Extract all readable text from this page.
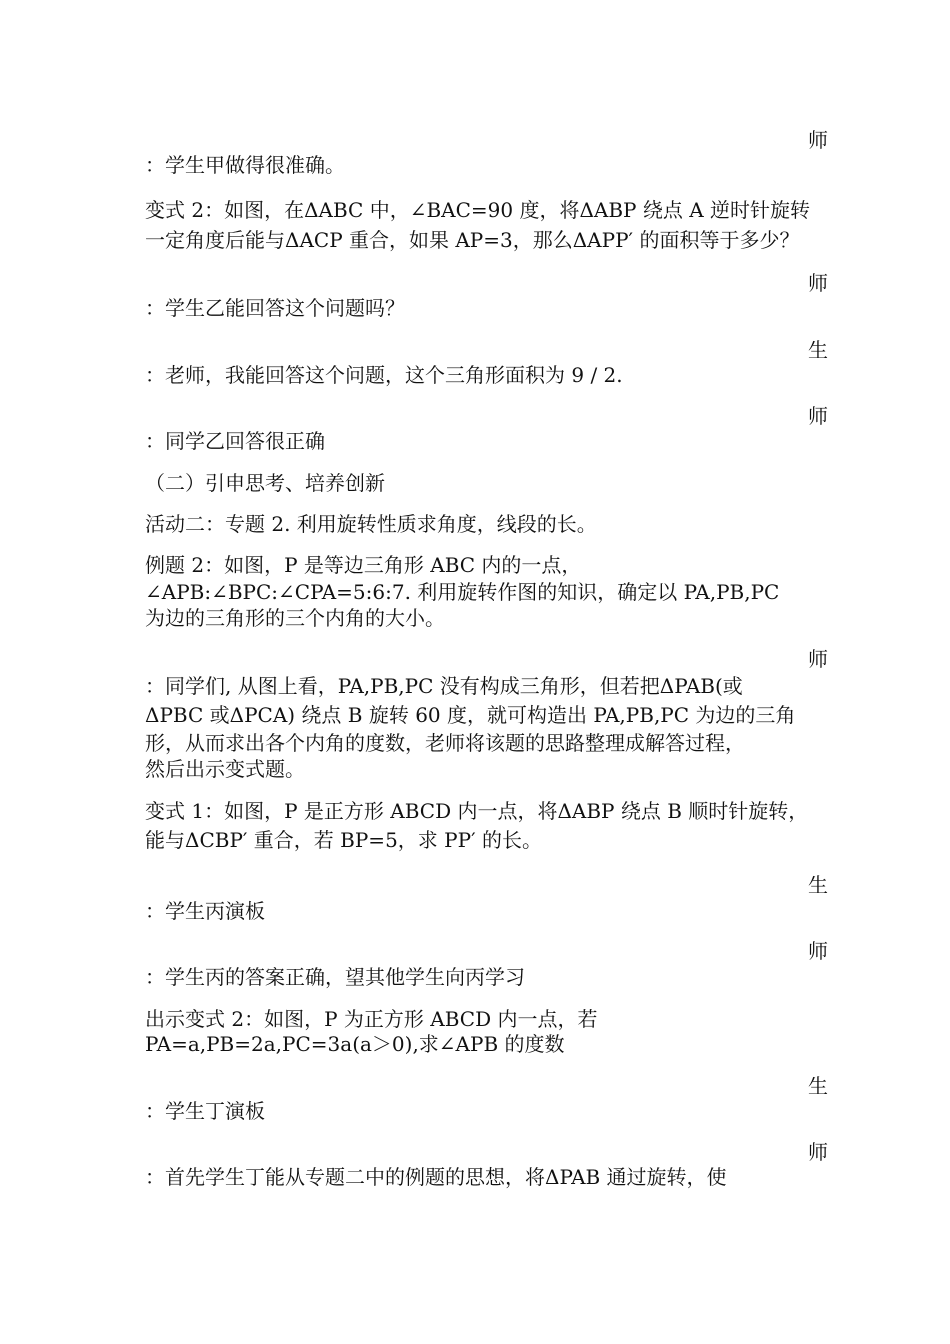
师
：学生甲做得很准确。
变式 2：如图，在ΔABC 中，∠BAC=90 度，将ΔABP 绕点 A 逆时针旋转
一定角度后能与ΔACP 重合，如果 AP=3，那么ΔAPP′ 的面积等于多少？
师
：学生乙能回答这个问题吗？
生
：老师，我能回答这个问题，这个三角形面积为 9 / 2.
师
：同学乙回答很正确
（二）引申思考、培养创新
活动二：专题 2. 利用旋转性质求角度，线段的长。
例题 2：如图，P 是等边三角形 ABC 内的一点，
∠APB:∠BPC:∠CPA=5:6:7. 利用旋转作图的知识，确定以 PA,PB,PC
为边的三角形的三个内角的大小。
师
：同学们, 从图上看，PA,PB,PC 没有构成三角形，但若把ΔPAB(或
ΔPBC 或ΔPCA) 绕点 B 旋转 60 度，就可构造出 PA,PB,PC 为边的三角
形，从而求出各个内角的度数，老师将该题的思路整理成解答过程，
然后出示变式题。
变式 1：如图，P 是正方形 ABCD 内一点，将ΔABP 绕点 B 顺时针旋转，
能与ΔCBP′ 重合，若 BP=5，求 PP′ 的长。
生
：学生丙演板
师
：学生丙的答案正确，望其他学生向丙学习
出示变式 2：如图，P 为正方形 ABCD 内一点，若
PA=a,PB=2a,PC=3a(a＞0),求∠APB 的度数
生
：学生丁演板
师
：首先学生丁能从专题二中的例题的思想，将ΔPAB 通过旋转，使
